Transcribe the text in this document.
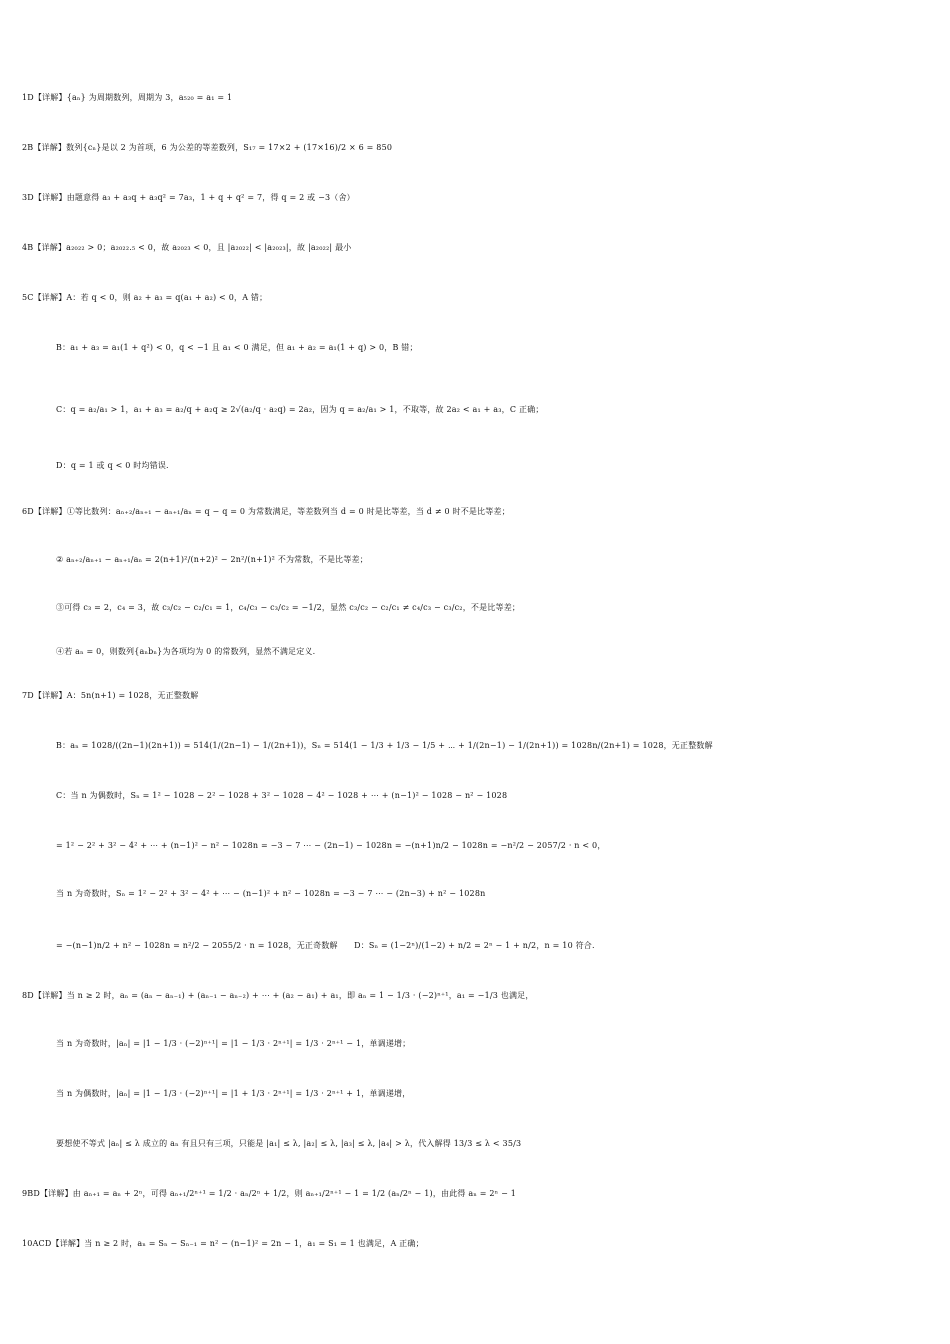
1D【详解】{aₙ} 为周期数列，周期为 3，a₅₂₀ = a₁ = 1
2B【详解】数列{cₙ}是以 2 为首项，6 为公差的等差数列，S₁₇ = 17×2 + (17×16)/2 × 6 = 850
3D【详解】由题意得 a₃ + a₃q + a₃q² = 7a₃，1 + q + q² = 7，得 q = 2 或 −3（舍）
4B【详解】a₂₀₂₂ > 0；a₂₀₂₂.₅ < 0，故 a₂₀₂₃ < 0，且 |a₂₀₂₂| < |a₂₀₂₃|，故 |a₂₀₂₂| 最小
5C【详解】A：若 q < 0，则 a₂ + a₃ = q(a₁ + a₂) < 0，A 错；
B：a₁ + a₃ = a₁(1 + q²) < 0，q < −1 且 a₁ < 0 满足，但 a₁ + a₂ = a₁(1 + q) > 0，B 错；
C：q = a₂/a₁ > 1，a₁ + a₃ = a₂/q + a₂q ≥ 2√(a₂/q · a₂q) = 2a₂，因为 q = a₂/a₁ > 1，不取等，故 2a₂ < a₁ + a₃，C 正确；
D：q = 1 或 q < 0 时均错误.
6D【详解】①等比数列：aₙ₊₂/aₙ₊₁ − aₙ₊₁/aₙ = q − q = 0 为常数满足，等差数列当 d = 0 时是比等差，当 d ≠ 0 时不是比等差；
② aₙ₊₂/aₙ₊₁ − aₙ₊₁/aₙ = 2(n+1)²/(n+2)² − 2n²/(n+1)² 不为常数，不是比等差；
③可得 c₃ = 2，c₄ = 3，故 c₃/c₂ − c₂/c₁ = 1，c₄/c₃ − c₃/c₂ = −1/2，显然 c₃/c₂ − c₂/c₁ ≠ c₄/c₃ − c₃/c₂，不是比等差；
④若 aₙ = 0，则数列{aₙbₙ}为各项均为 0 的常数列，显然不满足定义.
7D【详解】A：5n(n+1) = 1028，无正整数解
B：aₙ = 1028/((2n−1)(2n+1)) = 514(1/(2n−1) − 1/(2n+1))，Sₙ = 514(1 − 1/3 + 1/3 − 1/5 + ⋯ + 1/(2n−1) − 1/(2n+1)) = 1028n/(2n+1) = 1028，无正整数解
C：当 n 为偶数时，Sₙ = 1² − 1028 − 2² − 1028 + 3² − 1028 − 4² − 1028 + ⋯ + (n−1)² − 1028 − n² − 1028
= 1² − 2² + 3² − 4² + ⋯ + (n−1)² − n² − 1028n = −3 − 7 ⋯ − (2n−1) − 1028n = −(n+1)n/2 − 1028n = −n²/2 − 2057/2 · n < 0，
当 n 为奇数时，Sₙ = 1² − 2² + 3² − 4² + ⋯ − (n−1)² + n² − 1028n = −3 − 7 ⋯ − (2n−3) + n² − 1028n
= −(n−1)n/2 + n² − 1028n = n²/2 − 2055/2 · n = 1028，无正奇数解　　D：Sₙ = (1−2ⁿ)/(1−2) + n/2 = 2ⁿ − 1 + n/2，n = 10 符合.
8D【详解】当 n ≥ 2 时，aₙ = (aₙ − aₙ₋₁) + (aₙ₋₁ − aₙ₋₂) + ⋯ + (a₂ − a₁) + a₁，即 aₙ = 1 − 1/3 · (−2)ⁿ⁺¹，a₁ = −1/3 也满足，
当 n 为奇数时，|aₙ| = |1 − 1/3 · (−2)ⁿ⁺¹| = |1 − 1/3 · 2ⁿ⁺¹| = 1/3 · 2ⁿ⁺¹ − 1，单调递增；
当 n 为偶数时，|aₙ| = |1 − 1/3 · (−2)ⁿ⁺¹| = |1 + 1/3 · 2ⁿ⁺¹| = 1/3 · 2ⁿ⁺¹ + 1，单调递增，
要想使不等式 |aₙ| ≤ λ 成立的 aₙ 有且只有三项，只能是 |a₁| ≤ λ, |a₂| ≤ λ, |a₃| ≤ λ, |a₄| > λ，代入解得 13/3 ≤ λ < 35/3
9BD【详解】由 aₙ₊₁ = aₙ + 2ⁿ，可得 aₙ₊₁/2ⁿ⁺¹ = 1/2 · aₙ/2ⁿ + 1/2，则 aₙ₊₁/2ⁿ⁺¹ − 1 = 1/2 (aₙ/2ⁿ − 1)，由此得 aₙ = 2ⁿ − 1
10ACD【详解】当 n ≥ 2 时，aₙ = Sₙ − Sₙ₋₁ = n² − (n−1)² = 2n − 1，a₁ = S₁ = 1 也满足，A 正确；
